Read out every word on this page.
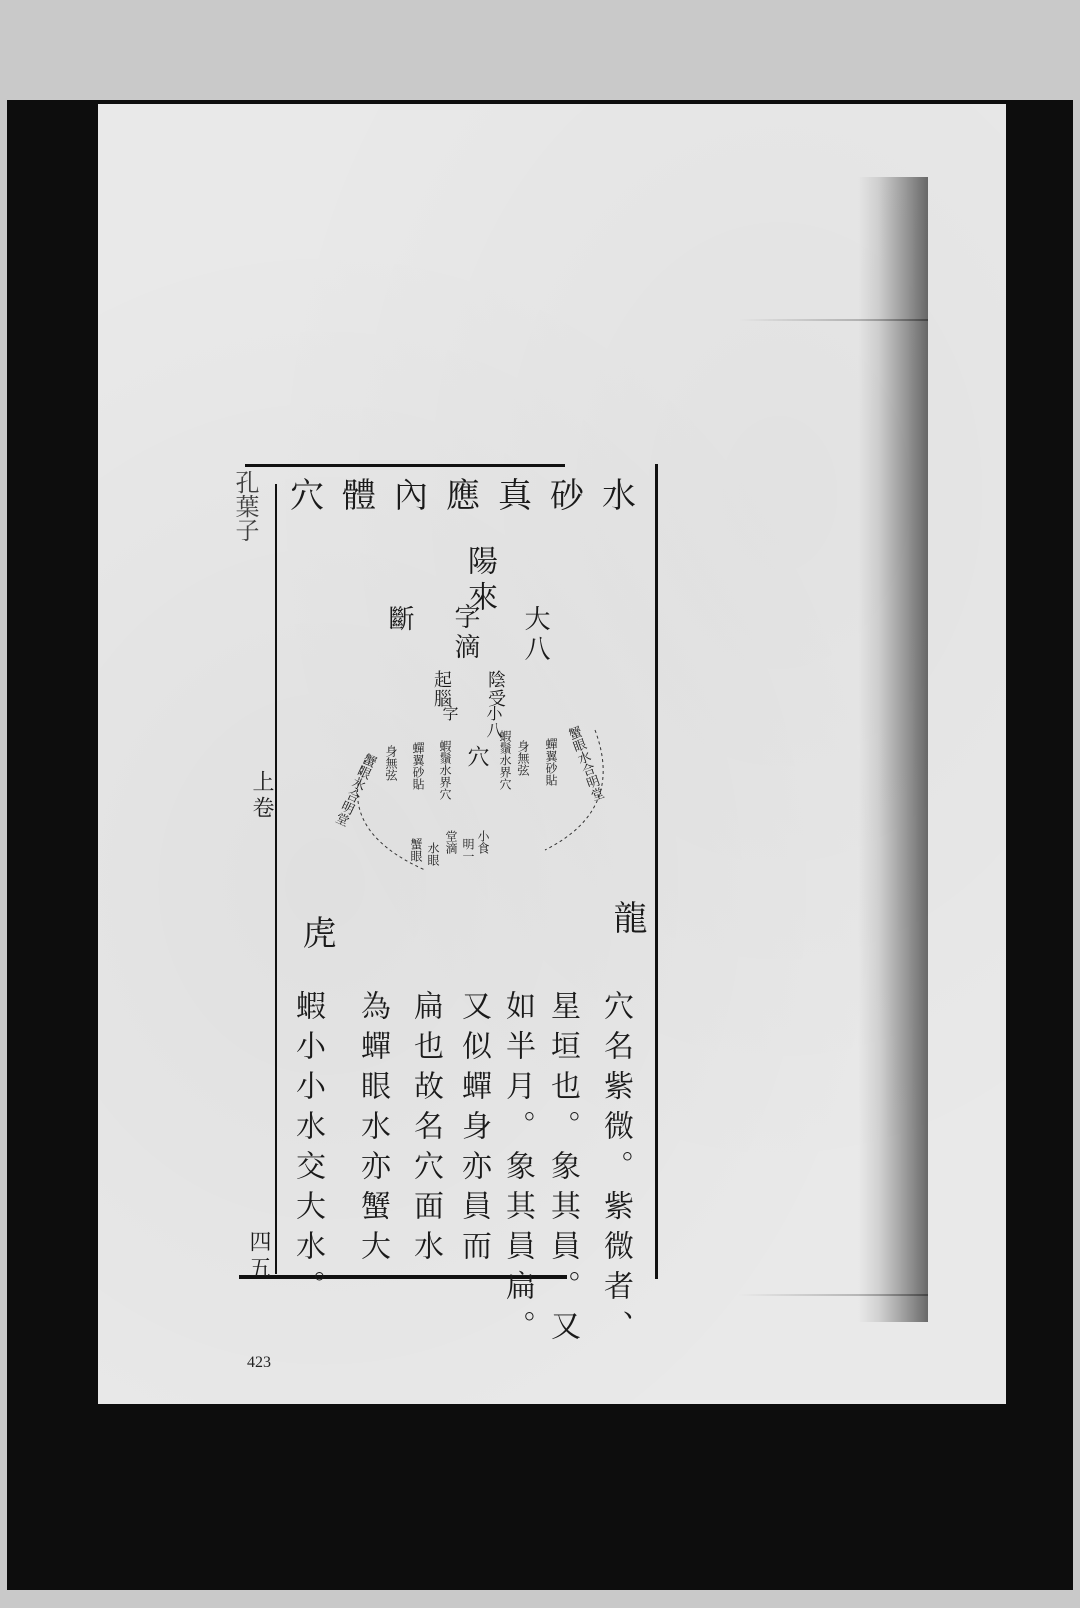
孔葉子 穴體內應真砂水
陽來
大八
字滴
斷
陰受
起腦
小八
字
蝦鬚水界穴 身無弦 蟬翼砂貼
蝦鬚水界穴
蟬翼砂貼
身無弦	穴
小食
明一
堂滴
水眼
蟹眼
蟹眼水合明堂
蟹眼水合明堂
龍
虎
穴名紫微。紫微者、
星垣也。象其員。又
如半月。象其員扁。
又似蟬身亦員而
扁也故名穴面水
為蟬眼水亦蟹大
蝦小小水交大水。
上卷
四五
423
